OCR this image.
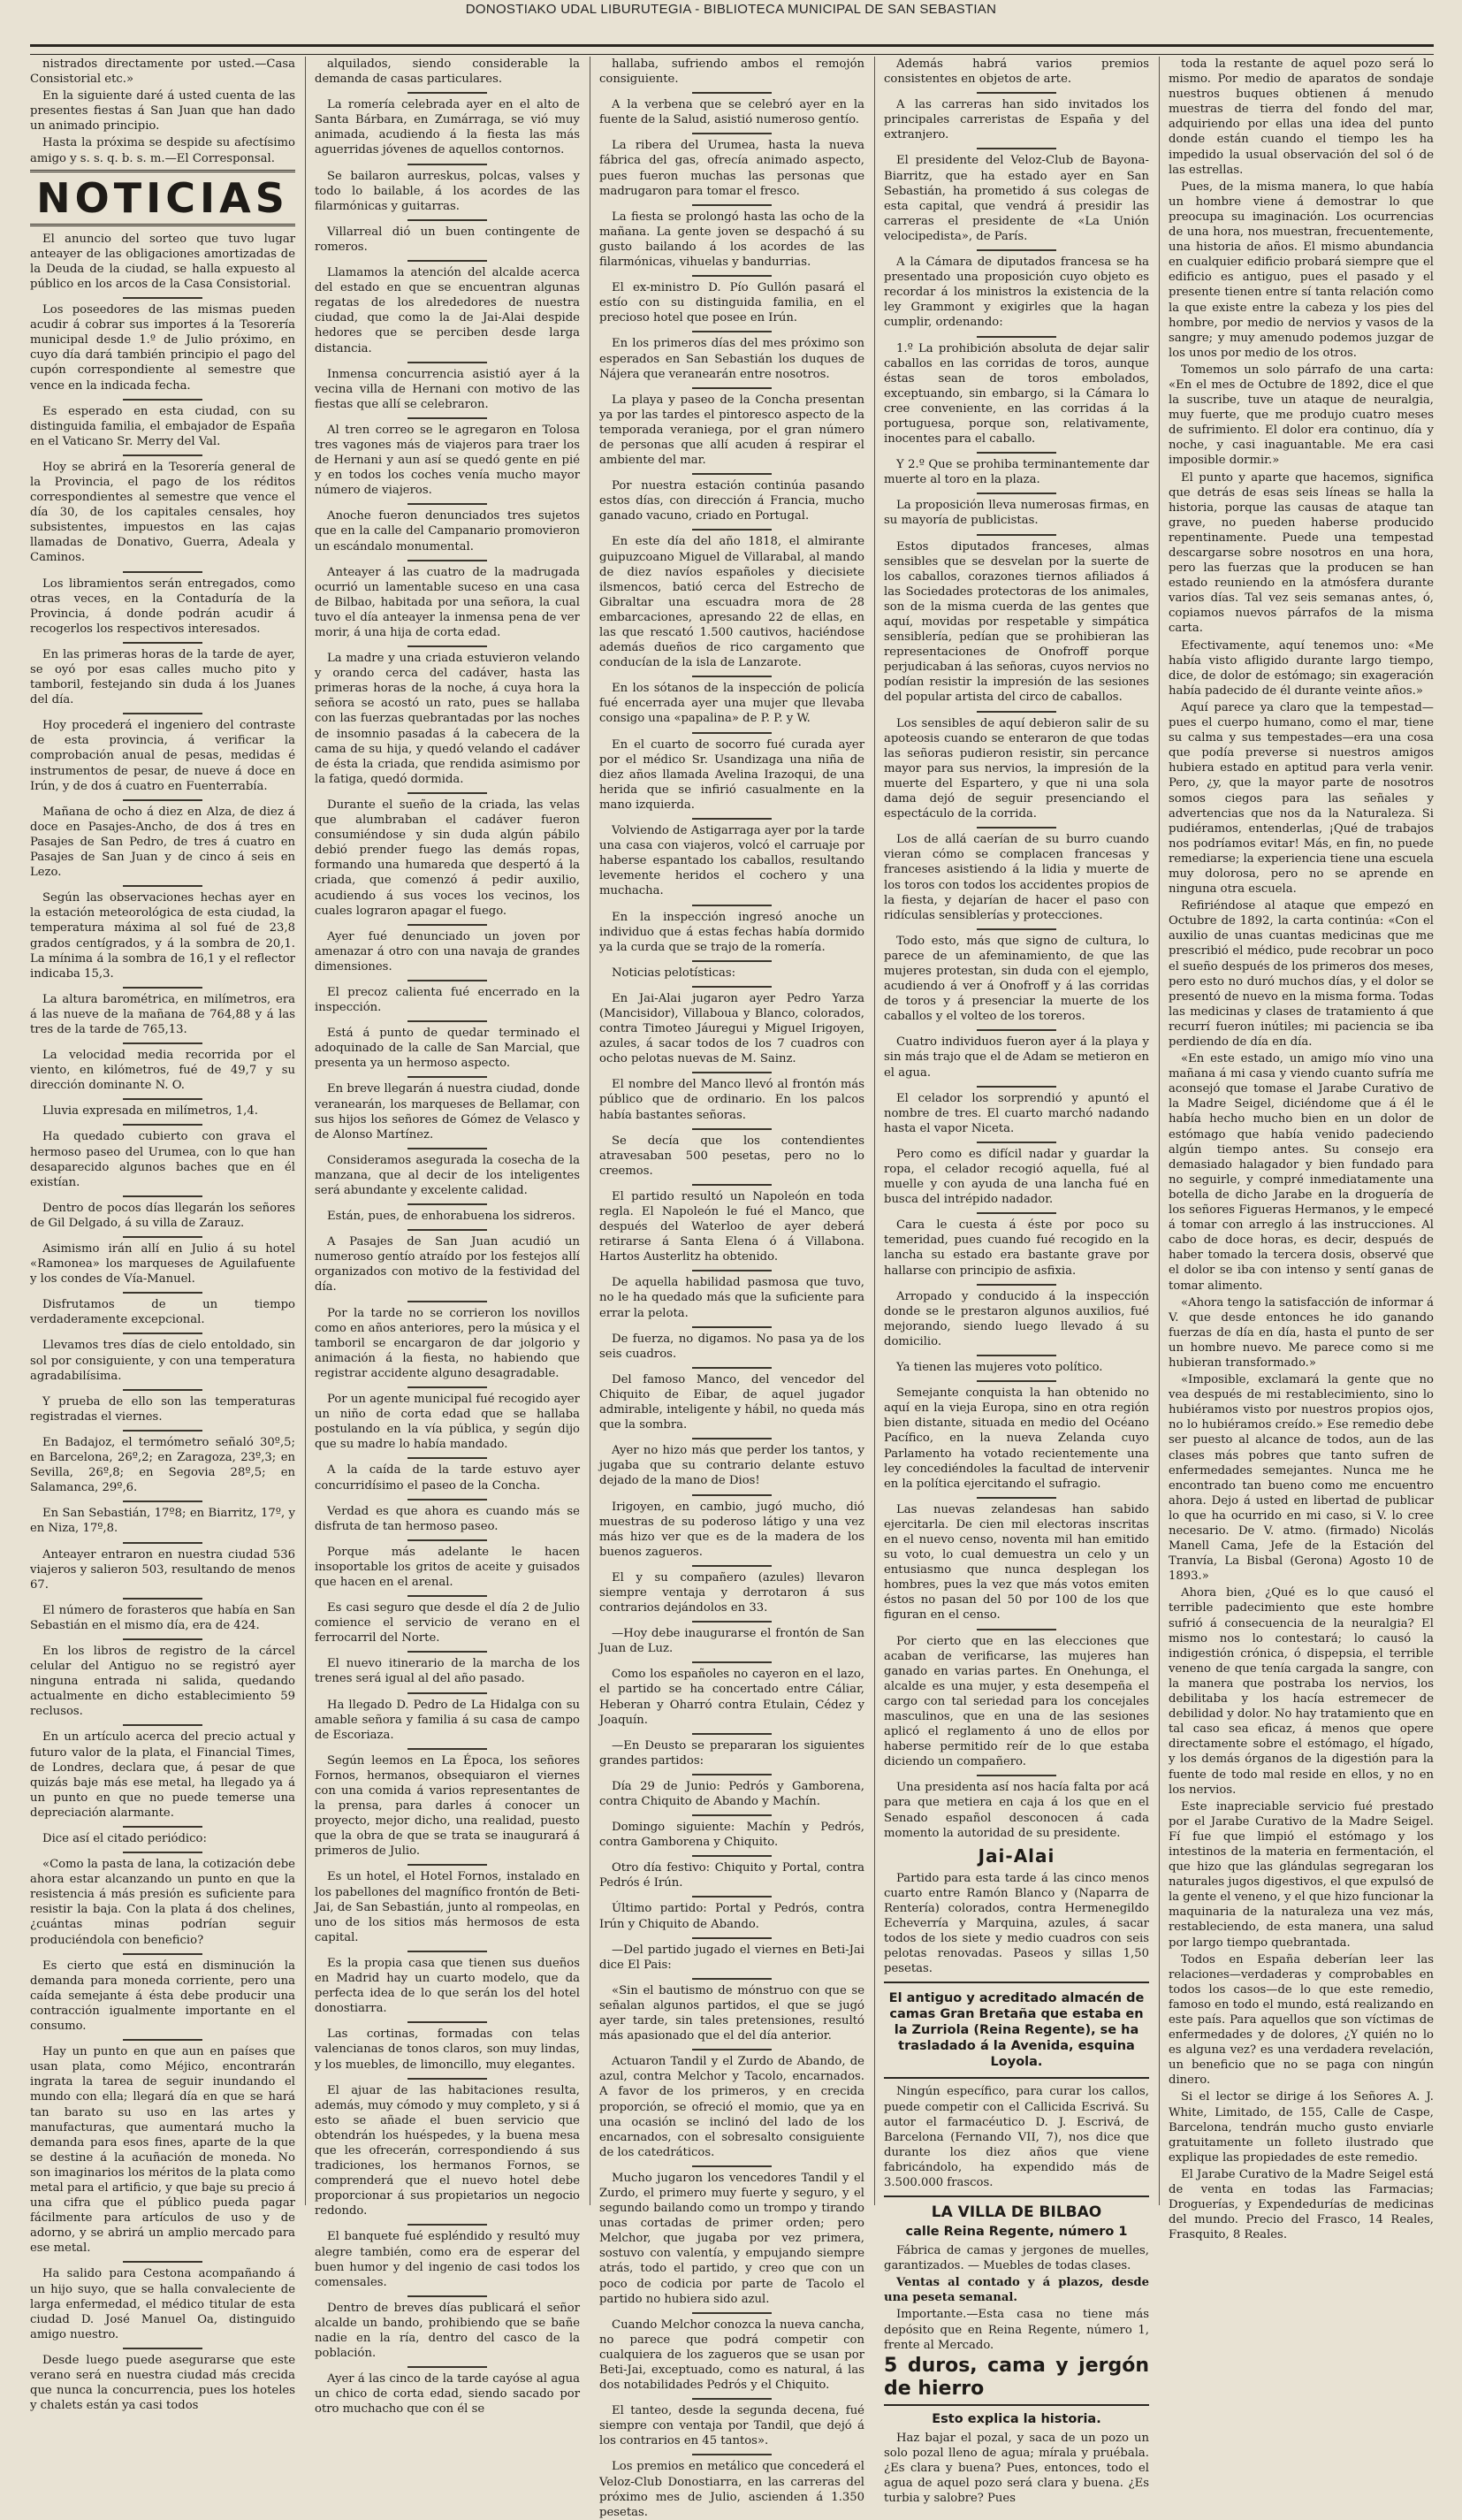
DONOSTIAKO UDAL LIBURUTEGIA - BIBLIOTECA MUNICIPAL DE SAN SEBASTIAN

nistrados directamente por usted.—Casa Consistorial etc.»

En la siguiente daré á usted cuenta de las presentes fiestas á San Juan que han dado un animado principio.

Hasta la próxima se despide su afectísimo amigo y s. s. q. b. s. m.—El Corresponsal.

NOTICIAS

El anuncio del sorteo que tuvo lugar anteayer de las obligaciones amortizadas de la Deuda de la ciudad, se halla expuesto al público en los arcos de la Casa Consistorial.

Los poseedores de las mismas pueden acudir á cobrar sus importes á la Tesorería municipal desde 1.º de Julio próximo, en cuyo día dará también principio el pago del cupón correspondiente al semestre que vence en la indicada fecha.

Es esperado en esta ciudad, con su distinguida familia, el embajador de España en el Vaticano Sr. Merry del Val.

Hoy se abrirá en la Tesorería general de la Provincia, el pago de los réditos correspondientes al semestre que vence el día 30, de los capitales censales, hoy subsistentes, impuestos en las cajas llamadas de Donativo, Guerra, Adeala y Caminos.

Los libramientos serán entregados, como otras veces, en la Contaduría de la Provincia, á donde podrán acudir á recogerlos los respectivos interesados.

En las primeras horas de la tarde de ayer, se oyó por esas calles mucho pito y tamboril, festejando sin duda á los Juanes del día.

Hoy procederá el ingeniero del contraste de esta provincia, á verificar la comprobación anual de pesas, medidas é instrumentos de pesar, de nueve á doce en Irún, y de dos á cuatro en Fuenterrabía.

Mañana de ocho á diez en Alza, de diez á doce en Pasajes-Ancho, de dos á tres en Pasajes de San Pedro, de tres á cuatro en Pasajes de San Juan y de cinco á seis en Lezo.

Según las observaciones hechas ayer en la estación meteorológica de esta ciudad, la temperatura máxima al sol fué de 23,8 grados centígrados, y á la sombra de 20,1. La mínima á la sombra de 16,1 y el reflector indicaba 15,3.

La altura barométrica, en milímetros, era á las nueve de la mañana de 764,88 y á las tres de la tarde de 765,13.

La velocidad media recorrida por el viento, en kilómetros, fué de 49,7 y su dirección dominante N. O.

Lluvia expresada en milímetros, 1,4.

Ha quedado cubierto con grava el hermoso paseo del Urumea, con lo que han desaparecido algunos baches que en él existían.

Dentro de pocos días llegarán los señores de Gil Delgado, á su villa de Zarauz.

Asimismo irán allí en Julio á su hotel «Ramonea» los marqueses de Aguilafuente y los condes de Vía-Manuel.

Disfrutamos de un tiempo verdaderamente excepcional.

Llevamos tres días de cielo entoldado, sin sol por consiguiente, y con una temperatura agradabilísima.

Y prueba de ello son las temperaturas registradas el viernes.

En Badajoz, el termómetro señaló 30º,5; en Barcelona, 26º,2; en Zaragoza, 23º,3; en Sevilla, 26º,8; en Segovia 28º,5; en Salamanca, 29º,6.

En San Sebastián, 17º8; en Biarritz, 17º, y en Niza, 17º,8.

Anteayer entraron en nuestra ciudad 536 viajeros y salieron 503, resultando de menos 67.

El número de forasteros que había en San Sebastián en el mismo día, era de 424.

En los libros de registro de la cárcel celular del Antiguo no se registró ayer ninguna entrada ni salida, quedando actualmente en dicho establecimiento 59 reclusos.

En un artículo acerca del precio actual y futuro valor de la plata, el Financial Times, de Londres, declara que, á pesar de que quizás baje más ese metal, ha llegado ya á un punto en que no puede temerse una depreciación alarmante.

Dice así el citado periódico:

«Como la pasta de lana, la cotización debe ahora estar alcanzando un punto en que la resistencia á más presión es suficiente para resistir la baja. Con la plata á dos chelines, ¿cuántas minas podrían seguir produciéndola con beneficio?

Es cierto que está en disminución la demanda para moneda corriente, pero una caída semejante á ésta debe producir una contracción igualmente importante en el consumo.

Hay un punto en que aun en países que usan plata, como Méjico, encontrarán ingrata la tarea de seguir inundando el mundo con ella; llegará día en que se hará tan barato su uso en las artes y manufacturas, que aumentará mucho la demanda para esos fines, aparte de la que se destine á la acuñación de moneda. No son imaginarios los méritos de la plata como metal para el artificio, y que baje su precio á una cifra que el público pueda pagar fácilmente para artículos de uso y de adorno, y se abrirá un amplio mercado para ese metal.

Ha salido para Cestona acompañando á un hijo suyo, que se halla convaleciente de larga enfermedad, el médico titular de esta ciudad D. José Manuel Oa, distinguido amigo nuestro.

Desde luego puede asegurarse que este verano será en nuestra ciudad más crecida que nunca la concurrencia, pues los hoteles y chalets están ya casi todos

alquilados, siendo considerable la demanda de casas particulares.

La romería celebrada ayer en el alto de Santa Bárbara, en Zumárraga, se vió muy animada, acudiendo á la fiesta las más aguerridas jóvenes de aquellos contornos.

Se bailaron aurreskus, polcas, valses y todo lo bailable, á los acordes de las filarmónicas y guitarras.

Villarreal dió un buen contingente de romeros.

Llamamos la atención del alcalde acerca del estado en que se encuentran algunas regatas de los alrededores de nuestra ciudad, que como la de Jai-Alai despide hedores que se perciben desde larga distancia.

Inmensa concurrencia asistió ayer á la vecina villa de Hernani con motivo de las fiestas que allí se celebraron.

Al tren correo se le agregaron en Tolosa tres vagones más de viajeros para traer los de Hernani y aun así se quedó gente en pié y en todos los coches venía mucho mayor número de viajeros.

Anoche fueron denunciados tres sujetos que en la calle del Campanario promovieron un escándalo monumental.

Anteayer á las cuatro de la madrugada ocurrió un lamentable suceso en una casa de Bilbao, habitada por una señora, la cual tuvo el día anteayer la inmensa pena de ver morir, á una hija de corta edad.

La madre y una criada estuvieron velando y orando cerca del cadáver, hasta las primeras horas de la noche, á cuya hora la señora se acostó un rato, pues se hallaba con las fuerzas quebrantadas por las noches de insomnio pasadas á la cabecera de la cama de su hija, y quedó velando el cadáver de ésta la criada, que rendida asimismo por la fatiga, quedó dormida.

Durante el sueño de la criada, las velas que alumbraban el cadáver fueron consumiéndose y sin duda algún pábilo debió prender fuego las demás ropas, formando una humareda que despertó á la criada, que comenzó á pedir auxilio, acudiendo á sus voces los vecinos, los cuales lograron apagar el fuego.

Ayer fué denunciado un joven por amenazar á otro con una navaja de grandes dimensiones.

El precoz calienta fué encerrado en la inspección.

Está á punto de quedar terminado el adoquinado de la calle de San Marcial, que presenta ya un hermoso aspecto.

En breve llegarán á nuestra ciudad, donde veranearán, los marqueses de Bellamar, con sus hijos los señores de Gómez de Velasco y de Alonso Martínez.

Consideramos asegurada la cosecha de la manzana, que al decir de los inteligentes será abundante y excelente calidad.

Están, pues, de enhorabuena los sidreros.

A Pasajes de San Juan acudió un numeroso gentío atraído por los festejos allí organizados con motivo de la festividad del día.

Por la tarde no se corrieron los novillos como en años anteriores, pero la música y el tamboril se encargaron de dar jolgorio y animación á la fiesta, no habiendo que registrar accidente alguno desagradable.

Por un agente municipal fué recogido ayer un niño de corta edad que se hallaba postulando en la vía pública, y según dijo que su madre lo había mandado.

A la caída de la tarde estuvo ayer concurridísimo el paseo de la Concha.

Verdad es que ahora es cuando más se disfruta de tan hermoso paseo.

Porque más adelante le hacen insoportable los gritos de aceite y guisados que hacen en el arenal.

Es casi seguro que desde el día 2 de Julio comience el servicio de verano en el ferrocarril del Norte.

El nuevo itinerario de la marcha de los trenes será igual al del año pasado.

Ha llegado D. Pedro de La Hidalga con su amable señora y familia á su casa de campo de Escoriaza.

Según leemos en La Época, los señores Fornos, hermanos, obsequiaron el viernes con una comida á varios representantes de la prensa, para darles á conocer un proyecto, mejor dicho, una realidad, puesto que la obra de que se trata se inaugurará á primeros de Julio.

Es un hotel, el Hotel Fornos, instalado en los pabellones del magnífico frontón de Beti-Jai, de San Sebastián, junto al rompeolas, en uno de los sitios más hermosos de esta capital.

Es la propia casa que tienen sus dueños en Madrid hay un cuarto modelo, que da perfecta idea de lo que serán los del hotel donostiarra.

Las cortinas, formadas con telas valencianas de tonos claros, son muy lindas, y los muebles, de limoncillo, muy elegantes.

El ajuar de las habitaciones resulta, además, muy cómodo y muy completo, y si á esto se añade el buen servicio que obtendrán los huéspedes, y la buena mesa que les ofrecerán, correspondiendo á sus tradiciones, los hermanos Fornos, se comprenderá que el nuevo hotel debe proporcionar á sus propietarios un negocio redondo.

El banquete fué espléndido y resultó muy alegre también, como era de esperar del buen humor y del ingenio de casi todos los comensales.

Dentro de breves días publicará el señor alcalde un bando, prohibiendo que se bañe nadie en la ría, dentro del casco de la población.

Ayer á las cinco de la tarde cayóse al agua un chico de corta edad, siendo sacado por otro muchacho que con él se

hallaba, sufriendo ambos el remojón consiguiente.

A la verbena que se celebró ayer en la fuente de la Salud, asistió numeroso gentío.

La ribera del Urumea, hasta la nueva fábrica del gas, ofrecía animado aspecto, pues fueron muchas las personas que madrugaron para tomar el fresco.

La fiesta se prolongó hasta las ocho de la mañana. La gente joven se despachó á su gusto bailando á los acordes de las filarmónicas, vihuelas y bandurrias.

El ex-ministro D. Pío Gullón pasará el estío con su distinguida familia, en el precioso hotel que posee en Irún.

En los primeros días del mes próximo son esperados en San Sebastián los duques de Nájera que veranearán entre nosotros.

La playa y paseo de la Concha presentan ya por las tardes el pintoresco aspecto de la temporada veraniega, por el gran número de personas que allí acuden á respirar el ambiente del mar.

Por nuestra estación continúa pasando estos días, con dirección á Francia, mucho ganado vacuno, criado en Portugal.

En este día del año 1818, el almirante guipuzcoano Miguel de Villarabal, al mando de diez navíos españoles y diecisiete ilsmencos, batió cerca del Estrecho de Gibraltar una escuadra mora de 28 embarcaciones, apresando 22 de ellas, en las que rescató 1.500 cautivos, haciéndose además dueños de rico cargamento que conducían de la isla de Lanzarote.

En los sótanos de la inspección de policía fué encerrada ayer una mujer que llevaba consigo una «papalina» de P. P. y W.

En el cuarto de socorro fué curada ayer por el médico Sr. Usandizaga una niña de diez años llamada Avelina Irazoqui, de una herida que se infirió casualmente en la mano izquierda.

Volviendo de Astigarraga ayer por la tarde una casa con viajeros, volcó el carruaje por haberse espantado los caballos, resultando levemente heridos el cochero y una muchacha.

En la inspección ingresó anoche un individuo que á estas fechas había dormido ya la curda que se trajo de la romería.

Noticias pelotísticas:

En Jai-Alai jugaron ayer Pedro Yarza (Mancisidor), Villaboua y Blanco, colorados, contra Timoteo Jáuregui y Miguel Irigoyen, azules, á sacar todos de los 7 cuadros con ocho pelotas nuevas de M. Sainz.

El nombre del Manco llevó al frontón más público que de ordinario. En los palcos había bastantes señoras.

Se decía que los contendientes atravesaban 500 pesetas, pero no lo creemos.

El partido resultó un Napoleón en toda regla. El Napoleón le fué el Manco, que después del Waterloo de ayer deberá retirarse á Santa Elena ó á Villabona. Hartos Austerlitz ha obtenido.

De aquella habilidad pasmosa que tuvo, no le ha quedado más que la suficiente para errar la pelota.

De fuerza, no digamos. No pasa ya de los seis cuadros.

Del famoso Manco, del vencedor del Chiquito de Eibar, de aquel jugador admirable, inteligente y hábil, no queda más que la sombra.

Ayer no hizo más que perder los tantos, y jugaba que su contrario delante estuvo dejado de la mano de Dios!

Irigoyen, en cambio, jugó mucho, dió muestras de su poderoso látigo y una vez más hizo ver que es de la madera de los buenos zagueros.

El y su compañero (azules) llevaron siempre ventaja y derrotaron á sus contrarios dejándolos en 33.

—Hoy debe inaugurarse el frontón de San Juan de Luz.

Como los españoles no cayeron en el lazo, el partido se ha concertado entre Cáliar, Heberan y Oharró contra Etulain, Cédez y Joaquín.

—En Deusto se prepararan los siguientes grandes partidos:

Día 29 de Junio: Pedrós y Gamborena, contra Chiquito de Abando y Machín.

Domingo siguiente: Machín y Pedrós, contra Gamborena y Chiquito.

Otro día festivo: Chiquito y Portal, contra Pedrós é Irún.

Último partido: Portal y Pedrós, contra Irún y Chiquito de Abando.

—Del partido jugado el viernes en Beti-Jai dice El Pais:

«Sin el bautismo de mónstruo con que se señalan algunos partidos, el que se jugó ayer tarde, sin tales pretensiones, resultó más apasionado que el del día anterior.

Actuaron Tandil y el Zurdo de Abando, de azul, contra Melchor y Tacolo, encarnados. A favor de los primeros, y en crecida proporción, se ofreció el momio, que ya en una ocasión se inclinó del lado de los encarnados, con el sobresalto consiguiente de los catedráticos.

Mucho jugaron los vencedores Tandil y el Zurdo, el primero muy fuerte y seguro, y el segundo bailando como un trompo y tirando unas cortadas de primer orden; pero Melchor, que jugaba por vez primera, sostuvo con valentía, y empujando siempre atrás, todo el partido, y creo que con un poco de codicia por parte de Tacolo el partido no hubiera sido azul.

Cuando Melchor conozca la nueva cancha, no parece que podrá competir con cualquiera de los zagueros que se usan por Beti-Jai, exceptuado, como es natural, á las dos notabilidades Pedrós y el Chiquito.

El tanteo, desde la segunda decena, fué siempre con ventaja por Tandil, que dejó á los contrarios en 45 tantos».

Los premios en metálico que concederá el Veloz-Club Donostiarra, en las carreras del próximo mes de Julio, ascienden á 1.350 pesetas.

Además habrá varios premios consistentes en objetos de arte.

A las carreras han sido invitados los principales carreristas de España y del extranjero.

El presidente del Veloz-Club de Bayona-Biarritz, que ha estado ayer en San Sebastián, ha prometido á sus colegas de esta capital, que vendrá á presidir las carreras el presidente de «La Unión velocipedista», de París.

A la Cámara de diputados francesa se ha presentado una proposición cuyo objeto es recordar á los ministros la existencia de la ley Grammont y exigirles que la hagan cumplir, ordenando:

1.º La prohibición absoluta de dejar salir caballos en las corridas de toros, aunque éstas sean de toros embolados, exceptuando, sin embargo, si la Cámara lo cree conveniente, en las corridas á la portuguesa, porque son, relativamente, inocentes para el caballo.

Y 2.º Que se prohiba terminantemente dar muerte al toro en la plaza.

La proposición lleva numerosas firmas, en su mayoría de publicistas.

Estos diputados franceses, almas sensibles que se desvelan por la suerte de los caballos, corazones tiernos afiliados á las Sociedades protectoras de los animales, son de la misma cuerda de las gentes que aquí, movidas por respetable y simpática sensiblería, pedían que se prohibieran las representaciones de Onofroff porque perjudicaban á las señoras, cuyos nervios no podían resistir la impresión de las sesiones del popular artista del circo de caballos.

Los sensibles de aquí debieron salir de su apoteosis cuando se enteraron de que todas las señoras pudieron resistir, sin percance mayor para sus nervios, la impresión de la muerte del Espartero, y que ni una sola dama dejó de seguir presenciando el espectáculo de la corrida.

Los de allá caerían de su burro cuando vieran cómo se complacen francesas y franceses asistiendo á la lidia y muerte de los toros con todos los accidentes propios de la fiesta, y dejarían de hacer el paso con ridículas sensiblerías y protecciones.

Todo esto, más que signo de cultura, lo parece de un afeminamiento, de que las mujeres protestan, sin duda con el ejemplo, acudiendo á ver á Onofroff y á las corridas de toros y á presenciar la muerte de los caballos y el volteo de los toreros.

Cuatro individuos fueron ayer á la playa y sin más trajo que el de Adam se metieron en el agua.

El celador los sorprendió y apuntó el nombre de tres. El cuarto marchó nadando hasta el vapor Niceta.

Pero como es difícil nadar y guardar la ropa, el celador recogió aquella, fué al muelle y con ayuda de una lancha fué en busca del intrépido nadador.

Cara le cuesta á éste por poco su temeridad, pues cuando fué recogido en la lancha su estado era bastante grave por hallarse con principio de asfixia.

Arropado y conducido á la inspección donde se le prestaron algunos auxilios, fué mejorando, siendo luego llevado á su domicilio.

Ya tienen las mujeres voto político.

Semejante conquista la han obtenido no aquí en la vieja Europa, sino en otra región bien distante, situada en medio del Océano Pacífico, en la nueva Zelanda cuyo Parlamento ha votado recientemente una ley concediéndoles la facultad de intervenir en la política ejercitando el sufragio.

Las nuevas zelandesas han sabido ejercitarla. De cien mil electoras inscritas en el nuevo censo, noventa mil han emitido su voto, lo cual demuestra un celo y un entusiasmo que nunca desplegan los hombres, pues la vez que más votos emiten éstos no pasan del 50 por 100 de los que figuran en el censo.

Por cierto que en las elecciones que acaban de verificarse, las mujeres han ganado en varias partes. En Onehunga, el alcalde es una mujer, y esta desempeña el cargo con tal seriedad para los concejales masculinos, que en una de las sesiones aplicó el reglamento á uno de ellos por haberse permitido reír de lo que estaba diciendo un compañero.

Una presidenta así nos hacía falta por acá para que metiera en caja á los que en el Senado español desconocen á cada momento la autoridad de su presidente.

Jai-Alai

Partido para esta tarde á las cinco menos cuarto entre Ramón Blanco y (Naparra de Rentería) colorados, contra Hermenegildo Echeverría y Marquina, azules, á sacar todos de los siete y medio cuadros con seis pelotas renovadas. Paseos y sillas 1,50 pesetas.

El antiguo y acreditado almacén de camas Gran Bretaña que estaba en la Zurriola (Reina Regente), se ha trasladado á la Avenida, esquina Loyola.

Ningún específico, para curar los callos, puede competir con el Callicida Escrivá. Su autor el farmacéutico D. J. Escrivá, de Barcelona (Fernando VII, 7), nos dice que durante los diez años que viene fabricándolo, ha expendido más de 3.500.000 frascos.

LA VILLA DE BILBAO
calle Reina Regente, número 1

Fábrica de camas y jergones de muelles, garantizados. — Muebles de todas clases.

Ventas al contado y á plazos, desde una peseta semanal.

Importante.—Esta casa no tiene más depósito que en Reina Regente, número 1, frente al Mercado.

5 duros, cama y jergón de hierro
Esto explica la historia.

Haz bajar el pozal, y saca de un pozo un solo pozal lleno de agua; mírala y pruébala. ¿Es clara y buena? Pues, entonces, todo el agua de aquel pozo será clara y buena. ¿Es turbia y salobre? Pues

toda la restante de aquel pozo será lo mismo. Por medio de aparatos de sondaje nuestros buques obtienen á menudo muestras de tierra del fondo del mar, adquiriendo por ellas una idea del punto donde están cuando el tiempo les ha impedido la usual observación del sol ó de las estrellas.

Pues, de la misma manera, lo que había un hombre viene á demostrar lo que preocupa su imaginación. Los ocurrencias de una hora, nos muestran, frecuentemente, una historia de años. El mismo abundancia en cualquier edificio probará siempre que el edificio es antiguo, pues el pasado y el presente tienen entre sí tanta relación como la que existe entre la cabeza y los pies del hombre, por medio de nervios y vasos de la sangre; y muy amenudo podemos juzgar de los unos por medio de los otros.

Tomemos un solo párrafo de una carta: «En el mes de Octubre de 1892, dice el que la suscribe, tuve un ataque de neuralgia, muy fuerte, que me produjo cuatro meses de sufrimiento. El dolor era continuo, día y noche, y casi inaguantable. Me era casi imposible dormir.»

El punto y aparte que hacemos, significa que detrás de esas seis líneas se halla la historia, porque las causas de ataque tan grave, no pueden haberse producido repentinamente. Puede una tempestad descargarse sobre nosotros en una hora, pero las fuerzas que la producen se han estado reuniendo en la atmósfera durante varios días. Tal vez seis semanas antes, ó, copiamos nuevos párrafos de la misma carta.

Efectivamente, aquí tenemos uno: «Me había visto afligido durante largo tiempo, dice, de dolor de estómago; sin exageración había padecido de él durante veinte años.»

Aquí parece ya claro que la tempestad—pues el cuerpo humano, como el mar, tiene su calma y sus tempestades—era una cosa que podía preverse si nuestros amigos hubiera estado en aptitud para verla venir. Pero, ¿y, que la mayor parte de nosotros somos ciegos para las señales y advertencias que nos da la Naturaleza. Si pudiéramos, entenderlas, ¡Qué de trabajos nos podríamos evitar! Más, en fin, no puede remediarse; la experiencia tiene una escuela muy dolorosa, pero no se aprende en ninguna otra escuela.

Refiriéndose al ataque que empezó en Octubre de 1892, la carta continúa: «Con el auxilio de unas cuantas medicinas que me prescribió el médico, pude recobrar un poco el sueño después de los primeros dos meses, pero esto no duró muchos días, y el dolor se presentó de nuevo en la misma forma. Todas las medicinas y clases de tratamiento á que recurrí fueron inútiles; mi paciencia se iba perdiendo de día en día.

«En este estado, un amigo mío vino una mañana á mi casa y viendo cuanto sufría me aconsejó que tomase el Jarabe Curativo de la Madre Seigel, diciéndome que á él le había hecho mucho bien en un dolor de estómago que había venido padeciendo algún tiempo antes. Su consejo era demasiado halagador y bien fundado para no seguirle, y compré inmediatamente una botella de dicho Jarabe en la droguería de los señores Figueras Hermanos, y le empecé á tomar con arreglo á las instrucciones. Al cabo de doce horas, es decir, después de haber tomado la tercera dosis, observé que el dolor se iba con intenso y sentí ganas de tomar alimento.

«Ahora tengo la satisfacción de informar á V. que desde entonces he ido ganando fuerzas de día en día, hasta el punto de ser un hombre nuevo. Me parece como si me hubieran transformado.»

«Imposible, exclamará la gente que no vea después de mi restablecimiento, sino lo hubiéramos visto por nuestros propios ojos, no lo hubiéramos creído.» Ese remedio debe ser puesto al alcance de todos, aun de las clases más pobres que tanto sufren de enfermedades semejantes. Nunca me he encontrado tan bueno como me encuentro ahora. Dejo á usted en libertad de publicar lo que ha ocurrido en mi caso, si V. lo cree necesario. De V. atmo. (firmado) Nicolás Manell Cama, Jefe de la Estación del Tranvía, La Bisbal (Gerona) Agosto 10 de 1893.»

Ahora bien, ¿Qué es lo que causó el terrible padecimiento que este hombre sufrió á consecuencia de la neuralgia? El mismo nos lo contestará; lo causó la indigestión crónica, ó dispepsia, el terrible veneno de que tenía cargada la sangre, con la manera que postraba los nervios, los debilitaba y los hacía estremecer de debilidad y dolor. No hay tratamiento que en tal caso sea eficaz, á menos que opere directamente sobre el estómago, el hígado, y los demás órganos de la digestión para la fuente de todo mal reside en ellos, y no en los nervios.

Este inapreciable servicio fué prestado por el Jarabe Curativo de la Madre Seigel. Fí fue que limpió el estómago y los intestinos de la materia en fermentación, el que hizo que las glándulas segregaran los naturales jugos digestivos, el que expulsó de la gente el veneno, y el que hizo funcionar la maquinaria de la naturaleza una vez más, restableciendo, de esta manera, una salud por largo tiempo quebrantada.

Todos en España deberían leer las relaciones—verdaderas y comprobables en todos los casos—de lo que este remedio, famoso en todo el mundo, está realizando en este país. Para aquellos que son víctimas de enfermedades y de dolores, ¿Y quién no lo es alguna vez? es una verdadera revelación, un beneficio que no se paga con ningún dinero.

Si el lector se dirige á los Señores A. J. White, Limitado, de 155, Calle de Caspe, Barcelona, tendrán mucho gusto enviarle gratuitamente un folleto ilustrado que explique las propiedades de este remedio.

El Jarabe Curativo de la Madre Seigel está de venta en todas las Farmacias; Droguerías, y Expendedurías de medicinas del mundo. Precio del Frasco, 14 Reales, Frasquito, 8 Reales.
